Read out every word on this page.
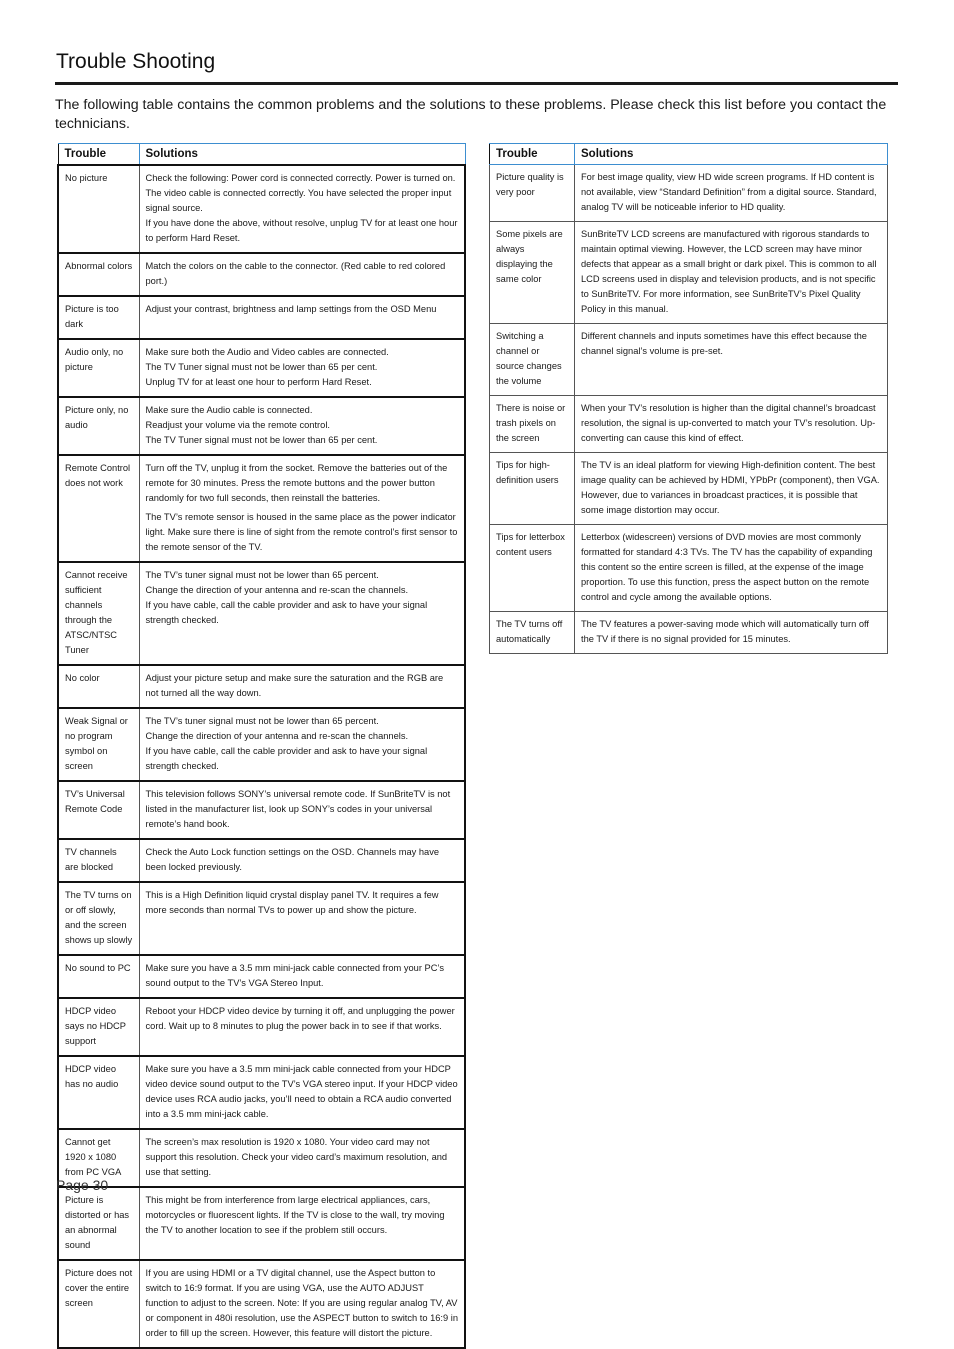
Trouble Shooting

The following table contains the common problems and the solutions to these problems. Please check this list before you contact the technicians.

Trouble	Solutions
No picture	Check the following: Power cord is connected correctly. Power is turned on.
The video cable is connected correctly. You have selected the proper input signal source.
If you have done the above, without resolve, unplug TV for at least one hour to perform Hard Reset.

Abnormal colors	Match the colors on the cable to the connector. (Red cable to red colored port.)

Picture is too dark	Adjust your contrast, brightness and lamp settings from the OSD Menu

Audio only, no picture	Make sure both the Audio and Video cables are connected.
The TV Tuner signal must not be lower than 65 per cent.
Unplug TV for at least one hour to perform Hard Reset.

Picture only, no audio	Make sure the Audio cable is connected.
Readjust your volume via the remote control.
The TV Tuner signal must not be lower than 65 per cent.

Remote Control does not work	Turn off the TV, unplug it from the socket. Remove the batteries out of the remote for 30 minutes. Press the remote buttons and the power button randomly for two full seconds, then reinstall the batteries.
The TV’s remote sensor is housed in the same place as the power indicator light. Make sure there is line of sight from the remote control’s first sensor to the remote sensor of the TV.

Cannot receive sufficient channels through the ATSC/NTSC Tuner	The TV’s tuner signal must not be lower than 65 percent.
Change the direction of your antenna and re-scan the channels.
If you have cable, call the cable provider and ask to have your signal strength checked.

No color	Adjust your picture setup and make sure the saturation and the RGB are not turned all the way down.

Weak Signal or no program symbol on screen	The TV’s tuner signal must not be lower than 65 percent.
Change the direction of your antenna and re-scan the channels.
If you have cable, call the cable provider and ask to have your signal strength checked.

TV’s Universal Remote Code	This television follows SONY’s universal remote code. If SunBriteTV is not listed in the manufacturer list, look up SONY’s codes in your universal remote’s hand book.

TV channels are blocked	Check the Auto Lock function settings on the OSD. Channels may have been locked previously.

The TV turns on or off slowly, and the screen shows up slowly	This is a High Definition liquid crystal display panel TV. It requires a few more seconds than normal TVs to power up and show the picture.

No sound to PC	Make sure you have a 3.5 mm mini-jack cable connected from your PC’s sound output to the TV’s VGA Stereo Input.

HDCP video says no HDCP support	Reboot your HDCP video device by turning it off, and unplugging the power cord. Wait up to 8 minutes to plug the power back in to see if that works.

HDCP video has no audio	Make sure you have a 3.5 mm mini-jack cable connected from your HDCP video device sound output to the TV’s VGA stereo input. If your HDCP video device uses RCA audio jacks, you’ll need to obtain a RCA audio converted into a 3.5 mm mini-jack cable.

Cannot get 1920 x 1080 from PC VGA	The screen’s max resolution is 1920 x 1080. Your video card may not support this resolution. Check your video card’s maximum resolution, and use that setting.

Picture is distorted or has an abnormal sound	This might be from interference from large electrical appliances, cars, motorcycles or fluorescent lights. If the TV is close to the wall, try moving the TV to another location to see if the problem still occurs.

Picture does not cover the entire screen	If you are using HDMI or a TV digital channel, use the Aspect button to switch to 16:9 format. If you are using VGA, use the AUTO ADJUST function to adjust to the screen. Note: If you are using regular analog TV, AV or component in 480i resolution, use the ASPECT button to switch to 16:9 in order to fill up the screen. However, this feature will distort the picture.
Trouble	Solutions
Picture quality is very poor	For best image quality, view HD wide screen programs. If HD content is not available, view “Standard Definition” from a digital source. Standard, analog TV will be noticeable inferior to HD quality.

Some pixels are always displaying the same color	SunBriteTV LCD screens are manufactured with rigorous standards to maintain optimal viewing. However, the LCD screen may have minor defects that appear as a small bright or dark pixel. This is common to all LCD screens used in display and television products, and is not specific to SunBriteTV. For more information, see SunBriteTV’s Pixel Quality Policy in this manual.

Switching a channel or source changes the volume	Different channels and inputs sometimes have this effect because the channel signal’s volume is pre-set.

There is noise or trash pixels on the screen	When your TV’s resolution is higher than the digital channel’s broadcast resolution, the signal is up-converted to match your TV’s resolution. Up-converting can cause this kind of effect.

Tips for high-definition users	The TV is an ideal platform for viewing High-definition content. The best image quality can be achieved by HDMI, YPbPr (component), then VGA. However, due to variances in broadcast practices, it is possible that some image distortion may occur.

Tips for letterbox content users	Letterbox (widescreen) versions of DVD movies are most commonly formatted for standard 4:3 TVs. The TV has the capability of expanding this content so the entire screen is filled, at the expense of the image proportion. To use this function, press the aspect button on the remote control and cycle among the available options.

The TV turns off automatically	The TV features a power-saving mode which will automatically turn off the TV if there is no signal provided for 15 minutes.
Page 30
